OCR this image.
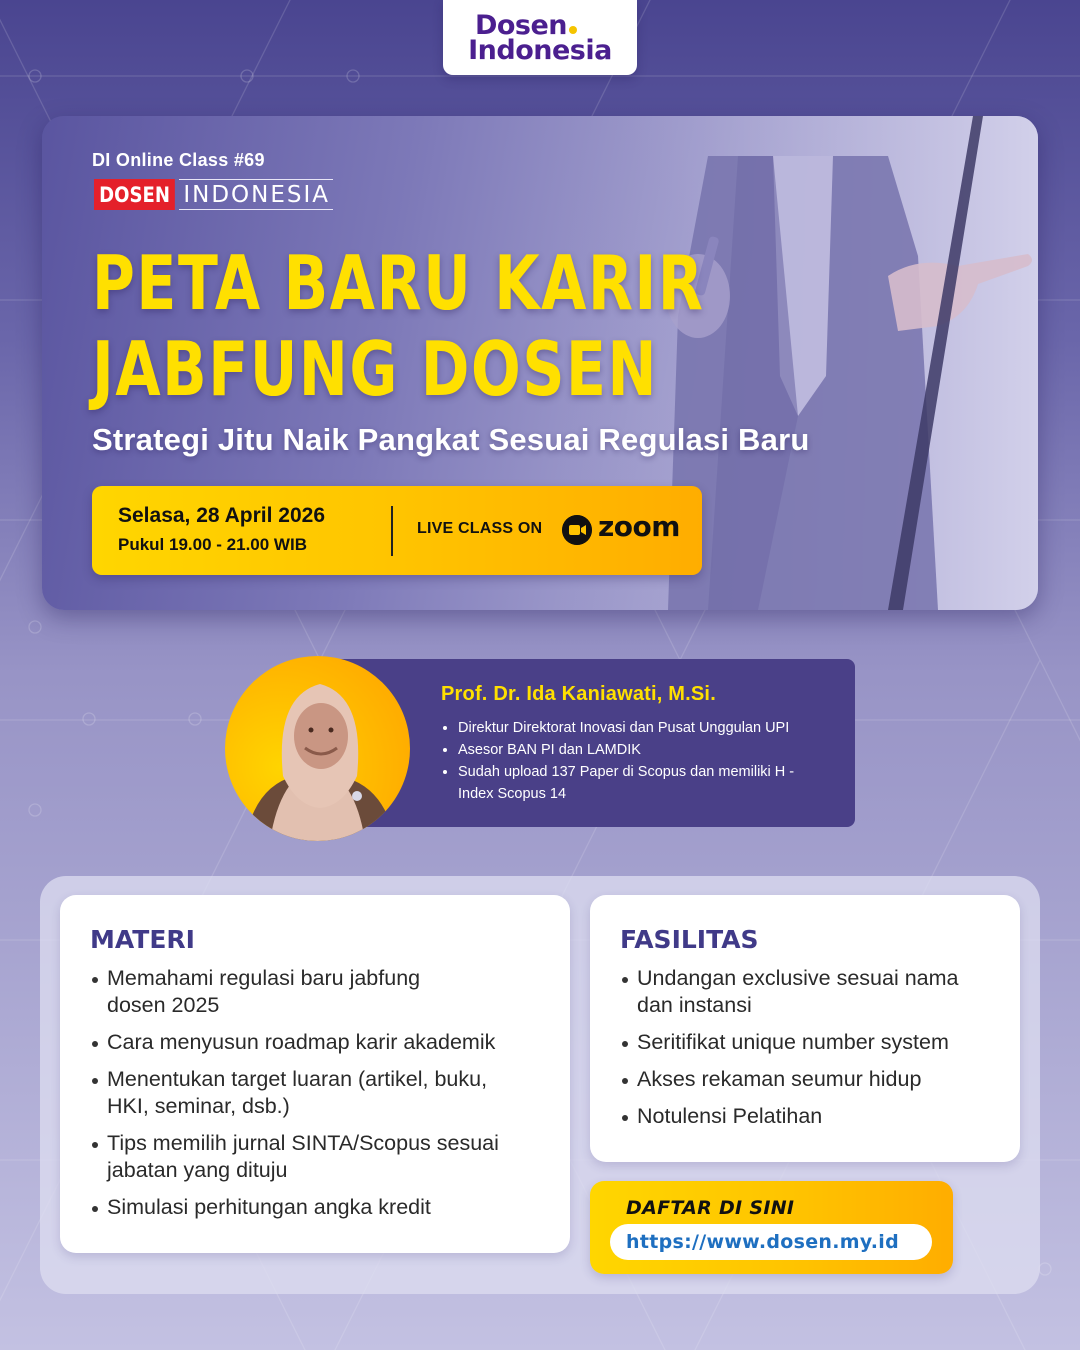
Dosen
Indonesia
DI Online Class #69
DOSEN INDONESIA
PETA BARU KARIR
JABFUNG DOSEN
Strategi Jitu Naik Pangkat Sesuai Regulasi Baru
Selasa, 28 April 2026
Pukul 19.00 - 21.00 WIB
LIVE CLASS ON zoom
Prof. Dr. Ida Kaniawati, M.Si.
Direktur Direktorat Inovasi dan Pusat Unggulan UPI
Asesor BAN PI dan LAMDIK
Sudah upload 137 Paper di Scopus dan memiliki H - Index Scopus 14
MATERI
Memahami regulasi baru jabfung dosen 2025
Cara menyusun roadmap karir akademik
Menentukan target luaran (artikel, buku, HKI, seminar, dsb.)
Tips memilih jurnal SINTA/Scopus sesuai jabatan yang dituju
Simulasi perhitungan angka kredit
FASILITAS
Undangan exclusive sesuai nama dan instansi
Seritifikat unique number system
Akses rekaman seumur hidup
Notulensi Pelatihan
DAFTAR DI SINI
https://www.dosen.my.id
